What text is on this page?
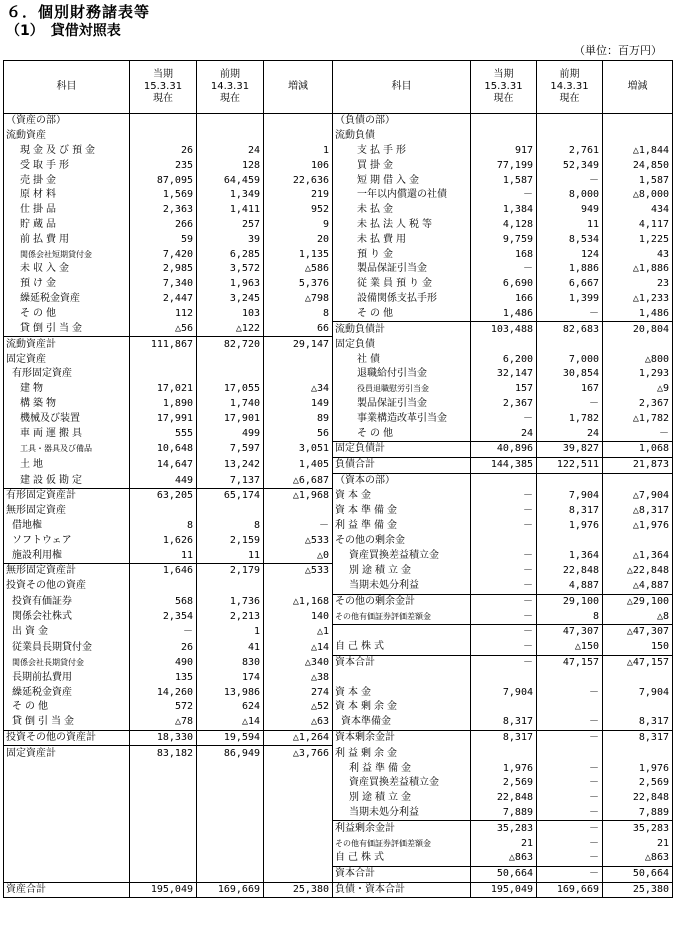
６．個別財務諸表等
（1）　貸借対照表
（単位：百万円）
科目	当期
15.3.31
現在	前期
14.3.31
現在	増減	科目	当期
15.3.31
現在	前期
14.3.31
現在	増減
（資産の部）				（負債の部）			
流動資産				流動負債			
現金及び預金	26	24	1	支払手形	917	2,761	△1,844
受取手形	235	128	106	買掛金	77,199	52,349	24,850
売掛金	87,095	64,459	22,636	短期借入金	1,587	－	1,587
原材料	1,569	1,349	219	一年以内償還の社債	－	8,000	△8,000
仕掛品	2,363	1,411	952	未払金	1,384	949	434
貯蔵品	266	257	9	未払法人税等	4,128	11	4,117
前払費用	59	39	20	未払費用	9,759	8,534	1,225
関係会社短期貸付金	7,420	6,285	1,135	預り金	168	124	43
未収入金	2,985	3,572	△586	製品保証引当金	－	1,886	△1,886
預け金	7,340	1,963	5,376	従業員預り金	6,690	6,667	23
繰延税金資産	2,447	3,245	△798	設備関係支払手形	166	1,399	△1,233
その他	112	103	8	その他	1,486	－	1,486
貸倒引当金	△56	△122	66	流動負債計	103,488	82,683	20,804
流動資産計	111,867	82,720	29,147	固定負債			
固定資産				社債	6,200	7,000	△800
有形固定資産				退職給付引当金	32,147	30,854	1,293
建物	17,021	17,055	△34	役員退職慰労引当金	157	167	△9
構築物	1,890	1,740	149	製品保証引当金	2,367	－	2,367
機械及び装置	17,991	17,901	89	事業構造改革引当金	－	1,782	△1,782
車両運搬具	555	499	56	その他	24	24	－
工具・器具及び備品	10,648	7,597	3,051	固定負債計	40,896	39,827	1,068
土地	14,647	13,242	1,405	負債合計	144,385	122,511	21,873
建設仮勘定	449	7,137	△6,687	（資本の部）			
有形固定資産計	63,205	65,174	△1,968	資本金	－	7,904	△7,904
無形固定資産				資本準備金	－	8,317	△8,317
借地権	8	8	－	利益準備金	－	1,976	△1,976
ソフトウェア	1,626	2,159	△533	その他の剰余金			
施設利用権	11	11	△0	資産買換差益積立金	－	1,364	△1,364
無形固定資産計	1,646	2,179	△533	別途積立金	－	22,848	△22,848
投資その他の資産				当期未処分利益	－	4,887	△4,887
投資有価証券	568	1,736	△1,168	その他の剰余金計	－	29,100	△29,100
関係会社株式	2,354	2,213	140	その他有価証券評価差額金	－	8	△8
出資金	－	1	△1		－	47,307	△47,307
従業員長期貸付金	26	41	△14	自己株式	－	△150	150
関係会社長期貸付金	490	830	△340	資本合計	－	47,157	△47,157
長期前払費用	135	174	△38				
繰延税金資産	14,260	13,986	274	資本金	7,904	－	7,904
その他	572	624	△52	資本剰余金			
貸倒引当金	△78	△14	△63	資本準備金	8,317	－	8,317
投資その他の資産計	18,330	19,594	△1,264	資本剰余金計	8,317	－	8,317
固定資産計	83,182	86,949	△3,766	利益剰余金			
				利益準備金	1,976	－	1,976
				資産買換差益積立金	2,569	－	2,569
				別途積立金	22,848	－	22,848
				当期未処分利益	7,889	－	7,889
				利益剰余金計	35,283	－	35,283
				その他有価証券評価差額金	21	－	21
				自己株式	△863	－	△863
				資本合計	50,664	－	50,664
資産合計	195,049	169,669	25,380	負債・資本合計	195,049	169,669	25,380
